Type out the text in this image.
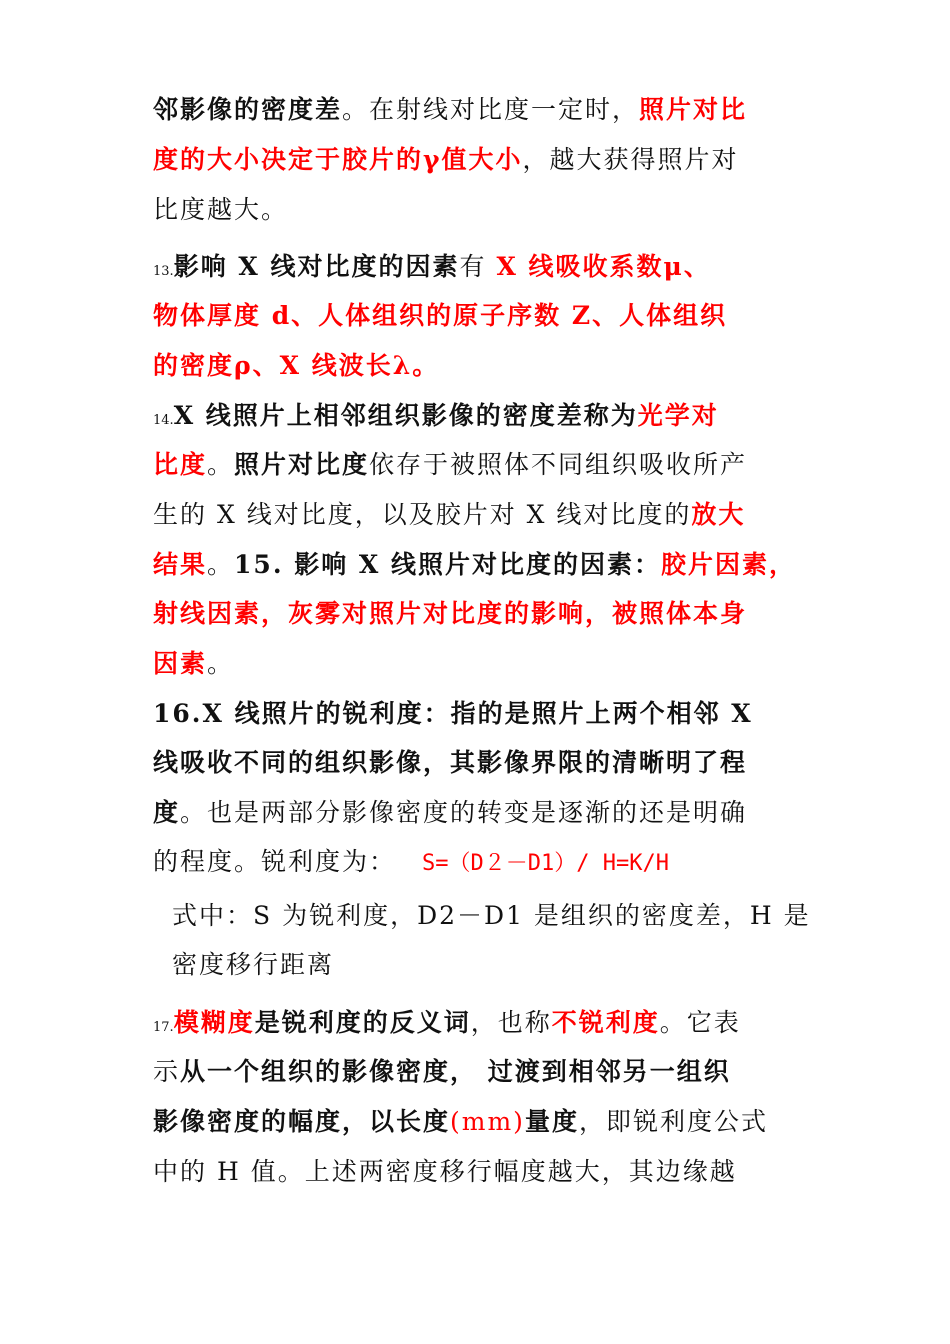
邻影像的密度差。在射线对比度一定时，照片对比
度的大小决定于胶片的γ值大小，越大获得照片对
比度越大。
13.影响 X 线对比度的因素有 X 线吸收系数μ、
物体厚度 d、人体组织的原子序数 Z、人体组织
的密度ρ、X 线波长λ。
14.X 线照片上相邻组织影像的密度差称为光学对
比度。照片对比度依存于被照体不同组织吸收所产
生的 X 线对比度，以及胶片对 X 线对比度的放大
结果。15. 影响 X 线照片对比度的因素：胶片因素，
射线因素，灰雾对照片对比度的影响，被照体本身
因素。
16.X 线照片的锐利度：指的是照片上两个相邻 X
线吸收不同的组织影像，其影像界限的清晰明了程
度。也是两部分影像密度的转变是逐渐的还是明确
的程度。锐利度为： S=（D２－D1）/ H=K/H
式中：S 为锐利度，D2－D1 是组织的密度差，H 是
密度移行距离
17.模糊度是锐利度的反义词，也称不锐利度。它表
示从一个组织的影像密度， 过渡到相邻另一组织
影像密度的幅度，以长度(mm)量度，即锐利度公式
中的 H 值。上述两密度移行幅度越大，其边缘越
